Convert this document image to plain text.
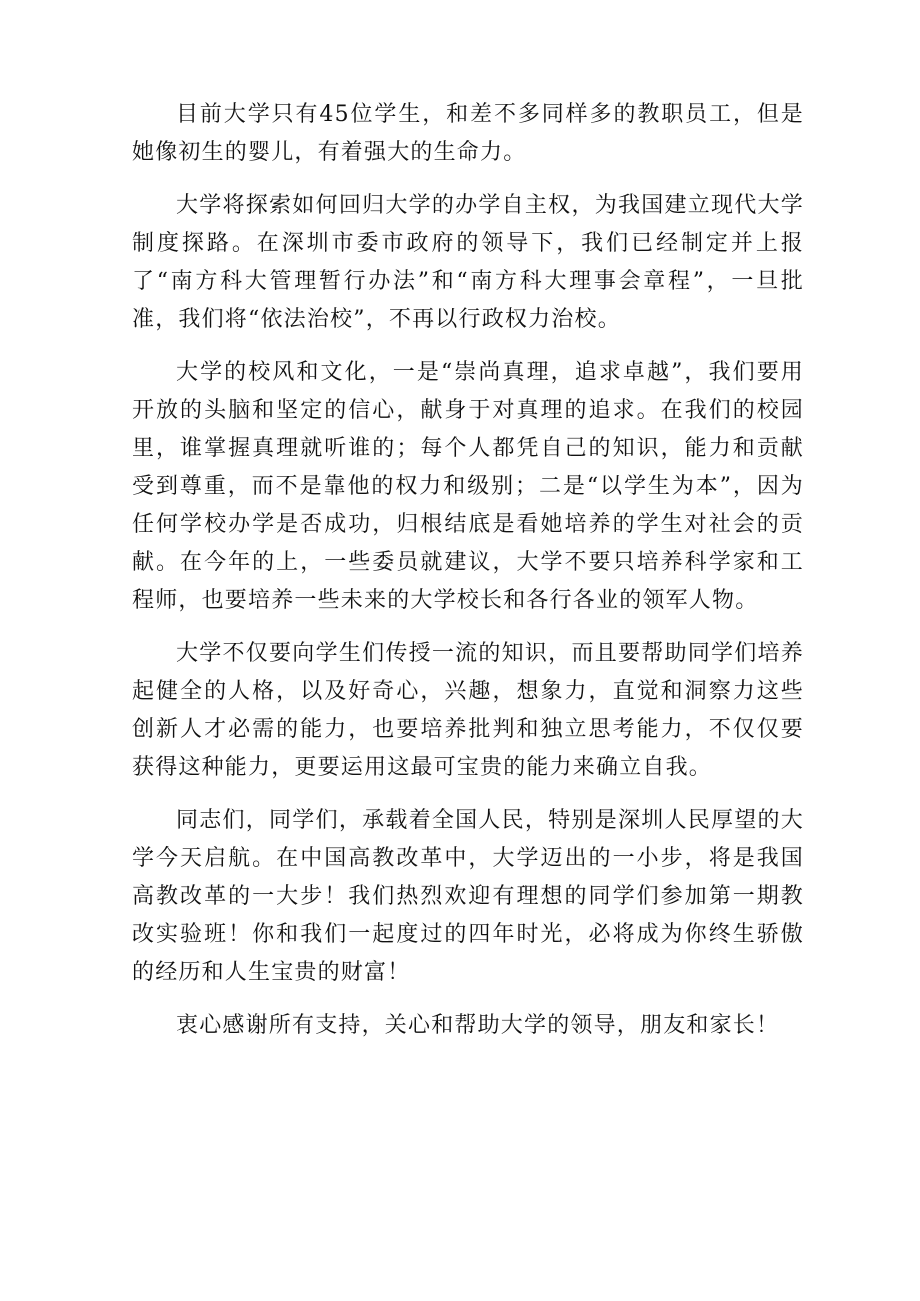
目前大学只有45位学生，和差不多同样多的教职员工，但是她像初生的婴儿，有着强大的生命力。

大学将探索如何回归大学的办学自主权，为我国建立现代大学制度探路。在深圳市委市政府的领导下，我们已经制定并上报了“南方科大管理暂行办法”和“南方科大理事会章程”，一旦批准，我们将“依法治校”，不再以行政权力治校。

大学的校风和文化，一是“崇尚真理，追求卓越”，我们要用开放的头脑和坚定的信心，献身于对真理的追求。在我们的校园里，谁掌握真理就听谁的；每个人都凭自己的知识，能力和贡献受到尊重，而不是靠他的权力和级别；二是“以学生为本”，因为任何学校办学是否成功，归根结底是看她培养的学生对社会的贡献。在今年的上，一些委员就建议，大学不要只培养科学家和工程师，也要培养一些未来的大学校长和各行各业的领军人物。

大学不仅要向学生们传授一流的知识，而且要帮助同学们培养起健全的人格，以及好奇心，兴趣，想象力，直觉和洞察力这些创新人才必需的能力，也要培养批判和独立思考能力，不仅仅要获得这种能力，更要运用这最可宝贵的能力来确立自我。

同志们，同学们，承载着全国人民，特别是深圳人民厚望的大学今天启航。在中国高教改革中，大学迈出的一小步，将是我国高教改革的一大步！我们热烈欢迎有理想的同学们参加第一期教改实验班！你和我们一起度过的四年时光，必将成为你终生骄傲的经历和人生宝贵的财富！

衷心感谢所有支持，关心和帮助大学的领导，朋友和家长！
